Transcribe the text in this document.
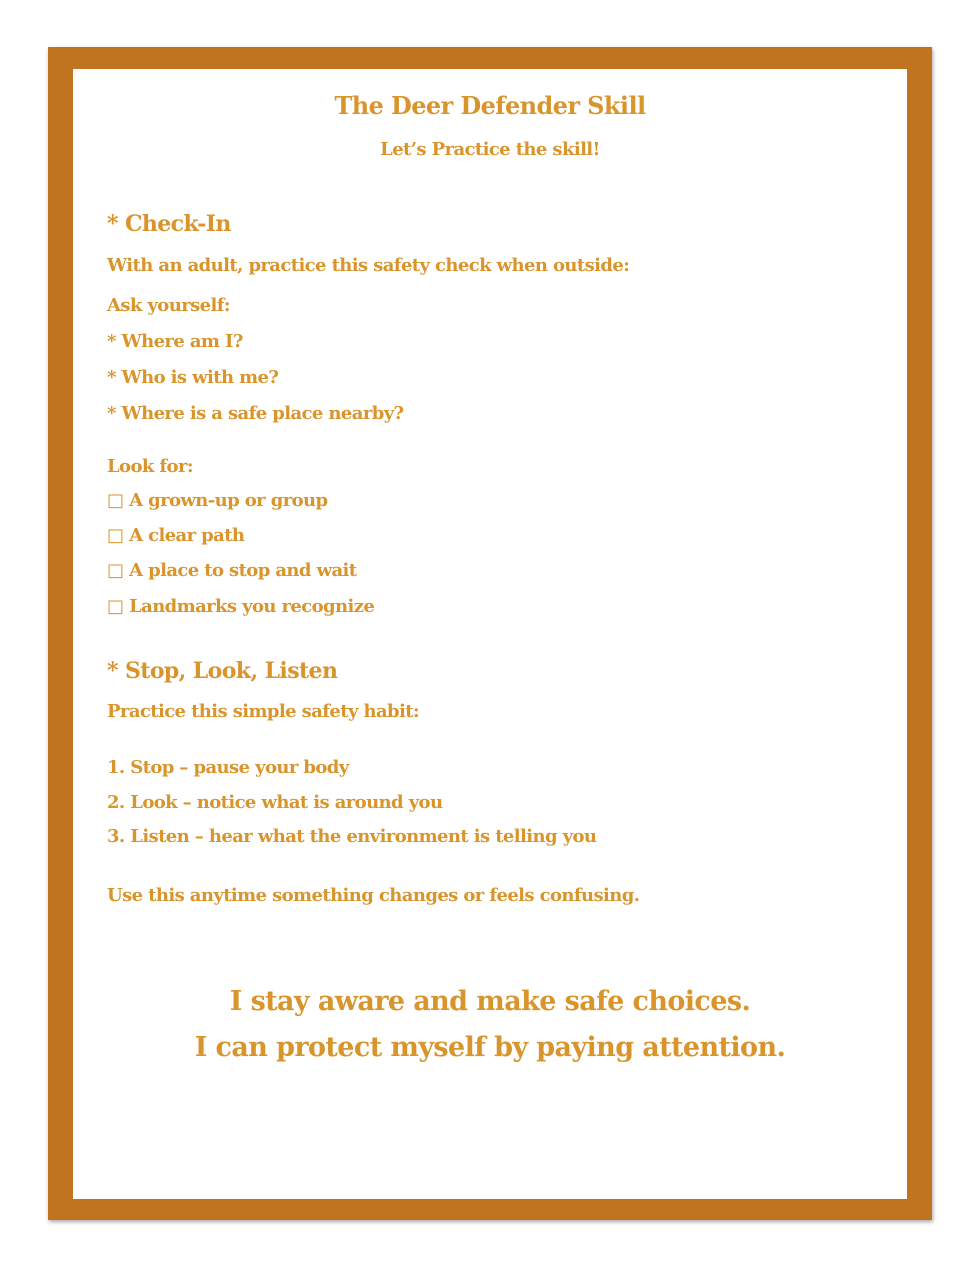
The Deer Defender Skill
Let’s Practice the skill!
* Check-In
With an adult, practice this safety check when outside:
Ask yourself:
* Where am I?
* Who is with me?
* Where is a safe place nearby?
Look for:
□ A grown-up or group
□ A clear path
□ A place to stop and wait
□ Landmarks you recognize
* Stop, Look, Listen
Practice this simple safety habit:
1. Stop – pause your body
2. Look – notice what is around you
3. Listen – hear what the environment is telling you
Use this anytime something changes or feels confusing.
I stay aware and make safe choices.
I can protect myself by paying attention.
